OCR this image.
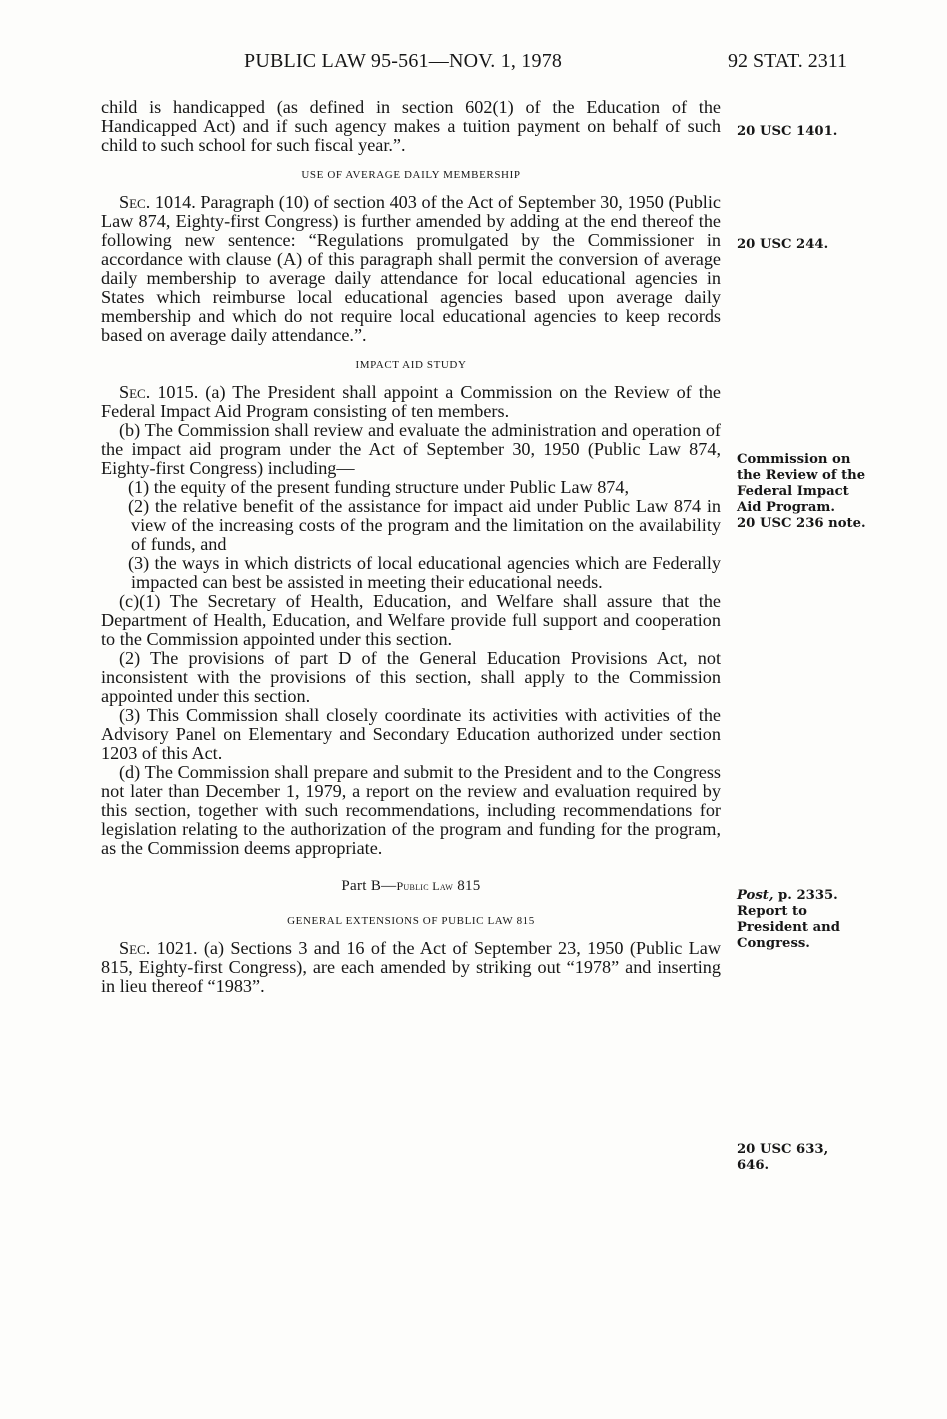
PUBLIC LAW 95-561—NOV. 1, 1978	92 STAT. 2311

child is handicapped (as defined in section 602(1) of the Education of the Handicapped Act) and if such agency makes a tuition payment on behalf of such child to such school for such fiscal year.”.

USE OF AVERAGE DAILY MEMBERSHIP

Sec. 1014. Paragraph (10) of section 403 of the Act of September 30, 1950 (Public Law 874, Eighty-first Congress) is further amended by adding at the end thereof the following new sentence: “Regulations promulgated by the Commissioner in accordance with clause (A) of this paragraph shall permit the conversion of average daily membership to average daily attendance for local educational agencies in States which reimburse local educational agencies based upon average daily membership and which do not require local educational agencies to keep records based on average daily attendance.”.

IMPACT AID STUDY

Sec. 1015. (a) The President shall appoint a Commission on the Review of the Federal Impact Aid Program consisting of ten members.

(b) The Commission shall review and evaluate the administration and operation of the impact aid program under the Act of September 30, 1950 (Public Law 874, Eighty-first Congress) including—

(1) the equity of the present funding structure under Public Law 874,

(2) the relative benefit of the assistance for impact aid under Public Law 874 in view of the increasing costs of the program and the limitation on the availability of funds, and

(3) the ways in which districts of local educational agencies which are Federally impacted can best be assisted in meeting their educational needs.

(c)(1) The Secretary of Health, Education, and Welfare shall assure that the Department of Health, Education, and Welfare provide full support and cooperation to the Commission appointed under this section.

(2) The provisions of part D of the General Education Provisions Act, not inconsistent with the provisions of this section, shall apply to the Commission appointed under this section.

(3) This Commission shall closely coordinate its activities with activities of the Advisory Panel on Elementary and Secondary Education authorized under section 1203 of this Act.

(d) The Commission shall prepare and submit to the President and to the Congress not later than December 1, 1979, a report on the review and evaluation required by this section, together with such recommendations, including recommendations for legislation relating to the authorization of the program and funding for the program, as the Commission deems appropriate.

Part B—Public Law 815
GENERAL EXTENSIONS OF PUBLIC LAW 815

Sec. 1021. (a) Sections 3 and 16 of the Act of September 23, 1950 (Public Law 815, Eighty-first Congress), are each amended by striking out “1978” and inserting in lieu thereof “1983”.

20 USC 1401.
20 USC 244.
Commission on
the Review of the
Federal Impact
Aid Program.
20 USC 236 note.
Post, p. 2335.
Report to
President and
Congress.
20 USC 633,
646.
